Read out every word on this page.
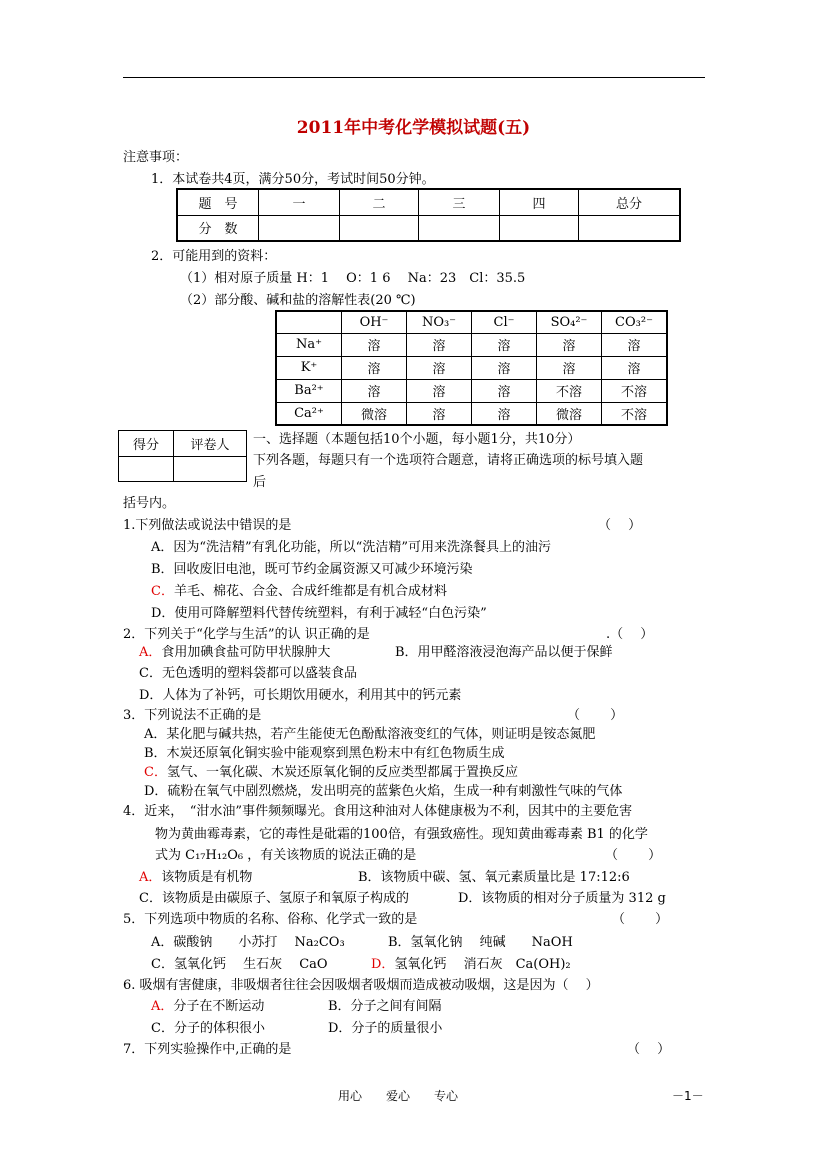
2011年中考化学模拟试题(五)
注意事项：
1．本试卷共4页，满分50分，考试时间50分钟。
题　号	一	二	三	四	总分
分　数					
2．可能用到的资料：
（1）相对原子质量 H：1　 O：1 6　 Na：23　Cl：35.5
（2）部分酸、碱和盐的溶解性表(20 ℃)
	OH⁻	NO₃⁻	Cl⁻	SO₄²⁻	CO₃²⁻
Na⁺	溶	溶	溶	溶	溶
K⁺	溶	溶	溶	溶	溶
Ba²⁺	溶	溶	溶	不溶	不溶
Ca²⁺	微溶	溶	溶	微溶	不溶
得分	评卷人
	一、选择题（本题包括10个小题，每小题1分，共10分）
下列各题，每题只有一个选项符合题意，请将正确选项的标号填入题
后
括号内。
1.下列做法或说法中错误的是	（　 ）
A．因为“洗洁精”有乳化功能，所以“洗洁精”可用来洗涤餐具上的油污
B．回收废旧电池，既可节约金属资源又可减少环境污染
C．羊毛、棉花、合金、合成纤维都是有机合成材料
D．使用可降解塑料代替传统塑料，有利于减轻“白色污染”
2．下列关于“化学与生活”的认 识正确的是	.（　 ）
A．食用加碘食盐可防甲状腺肿大	B．用甲醛溶液浸泡海产品以便于保鲜
C．无色透明的塑料袋都可以盛装食品
D．人体为了补钙，可长期饮用硬水，利用其中的钙元素
3．下列说法不正确的是	（　　 ）
A．某化肥与碱共热，若产生能使无色酚酞溶液变红的气体，则证明是铵态氮肥
B．木炭还原氧化铜实验中能观察到黑色粉末中有红色物质生成
C．氢气、一氧化碳、木炭还原氧化铜的反应类型都属于置换反应
D．硫粉在氧气中剧烈燃烧，发出明亮的蓝紫色火焰，生成一种有刺激性气味的气体
4．近来，　“泔水油”事件频频曝光。食用这种油对人体健康极为不利，因其中的主要危害
物为黄曲霉毒素，它的毒性是砒霜的100倍，有强致癌性。现知黄曲霉毒素 B1 的化学
式为 C₁₇H₁₂O₆ ，有关该物质的说法正确的是	（　　 ）
A．该物质是有机物	B．该物质中碳、氢、氧元素质量比是 17:12:6
C．该物质是由碳原子、氢原子和氧原子构成的	D．该物质的相对分子质量为 312 g
5．下列选项中物质的名称、俗称、化学式一致的是	（　　 ）
A．碳酸钠　　小苏打　 Na₂CO₃	B．氢氧化钠　 纯碱　　NaOH
C．氢氧化钙　 生石灰　 CaO	D．氢氧化钙　 消石灰　Ca(OH)₂
6. 吸烟有害健康，非吸烟者往往会因吸烟者吸烟而造成被动吸烟，这是因为（　 ）
A．分子在不断运动	B．分子之间有间隔
C．分子的体积很小	D．分子的质量很小
7．下列实验操作中,正确的是	（　 ）
用心　　爱心　　专心	－1－
